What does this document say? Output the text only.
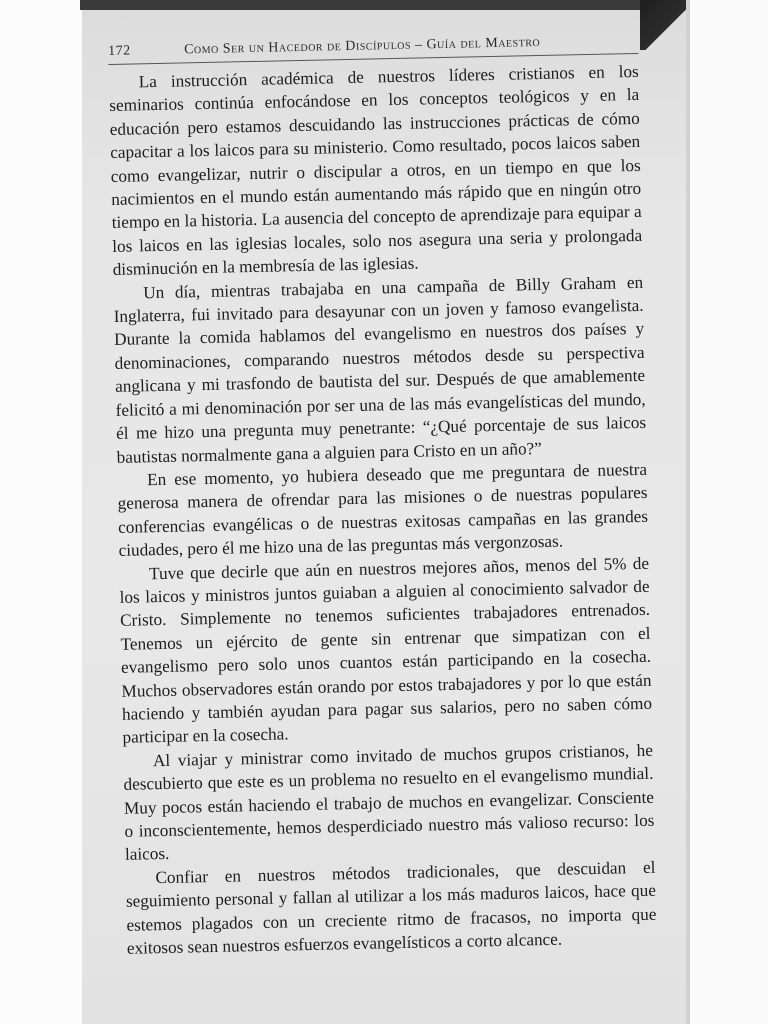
172	Como Ser un Hacedor de Discípulos – Guía del Maestro

La instrucción académica de nuestros líderes cristianos en los seminarios continúa enfocándose en los conceptos teológicos y en la educación pero estamos descuidando las instrucciones prácticas de cómo capacitar a los laicos para su ministerio. Como resultado, pocos laicos saben como evangelizar, nutrir o discipular a otros, en un tiempo en que los nacimientos en el mundo están aumentando más rápido que en ningún otro tiempo en la historia. La ausencia del concepto de aprendizaje para equipar a los laicos en las iglesias locales, solo nos asegura una seria y prolongada disminución en la membresía de las iglesias.

Un día, mientras trabajaba en una campaña de Billy Graham en Inglaterra, fui invitado para desayunar con un joven y famoso evangelista. Durante la comida hablamos del evangelismo en nuestros dos países y denominaciones, comparando nuestros métodos desde su perspectiva anglicana y mi trasfondo de bautista del sur. Después de que amablemente felicitó a mi denominación por ser una de las más evangelísticas del mundo, él me hizo una pregunta muy penetrante: “¿Qué porcentaje de sus laicos bautistas normalmente gana a alguien para Cristo en un año?”

En ese momento, yo hubiera deseado que me preguntara de nuestra generosa manera de ofrendar para las misiones o de nuestras populares conferencias evangélicas o de nuestras exitosas campañas en las grandes ciudades, pero él me hizo una de las preguntas más vergonzosas.

Tuve que decirle que aún en nuestros mejores años, menos del 5% de los laicos y ministros juntos guiaban a alguien al conocimiento salvador de Cristo. Simplemente no tenemos suficientes trabajadores entrenados. Tenemos un ejército de gente sin entrenar que simpatizan con el evangelismo pero solo unos cuantos están participando en la cosecha. Muchos observadores están orando por estos trabajadores y por lo que están haciendo y también ayudan para pagar sus salarios, pero no saben cómo participar en la cosecha.

Al viajar y ministrar como invitado de muchos grupos cristianos, he descubierto que este es un problema no resuelto en el evangelismo mundial. Muy pocos están haciendo el trabajo de muchos en evangelizar. Consciente o inconscientemente, hemos desperdiciado nuestro más valioso recurso: los laicos.

Confiar en nuestros métodos tradicionales, que descuidan el seguimiento personal y fallan al utilizar a los más maduros laicos, hace que estemos plagados con un creciente ritmo de fracasos, no importa que exitosos sean nuestros esfuerzos evangelísticos a corto alcance.
